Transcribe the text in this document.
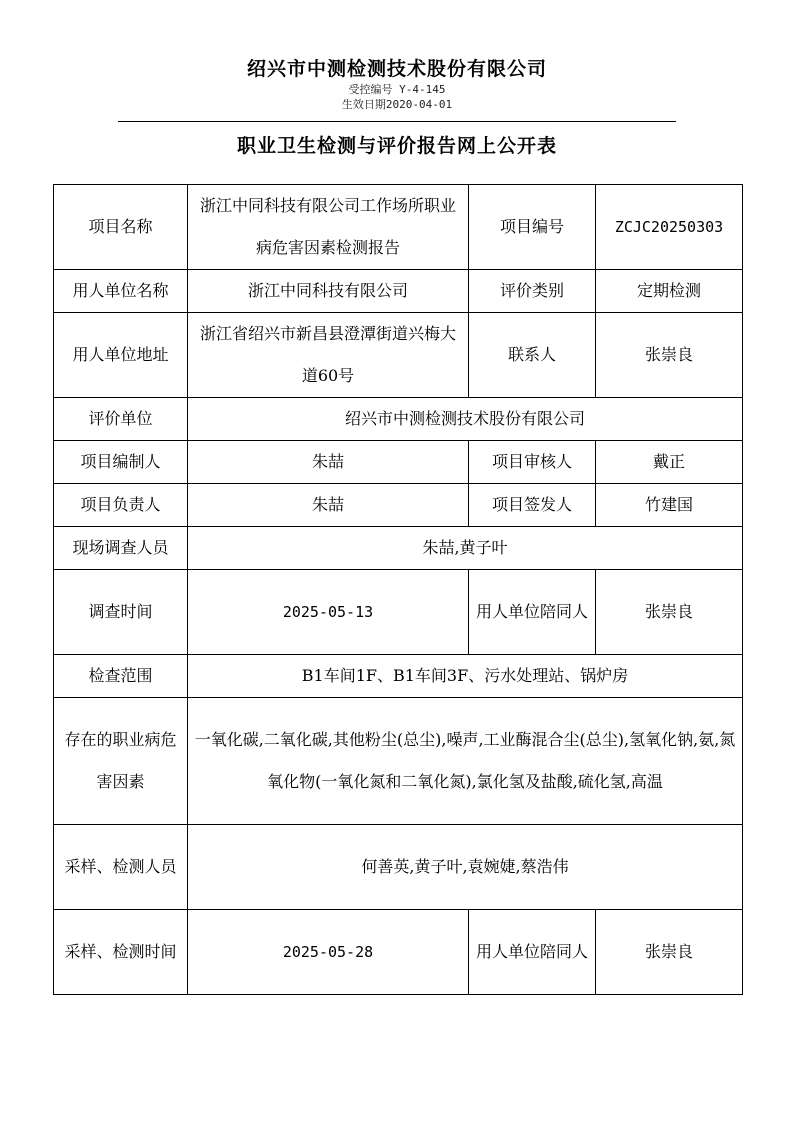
绍兴市中测检测技术股份有限公司
受控编号 Y-4-145
生效日期2020-04-01
职业卫生检测与评价报告网上公开表
项目名称	浙江中同科技有限公司工作场所职业病危害因素检测报告	项目编号	ZCJC20250303
用人单位名称	浙江中同科技有限公司	评价类别	定期检测
用人单位地址	浙江省绍兴市新昌县澄潭街道兴梅大道60号	联系人	张崇良
评价单位	绍兴市中测检测技术股份有限公司		
项目编制人	朱喆	项目审核人	戴正
项目负责人	朱喆	项目签发人	竹建国
现场调查人员	朱喆,黄子叶		
调查时间	2025-05-13	用人单位陪同人	张崇良
检查范围	B1车间1F、B1车间3F、污水处理站、锅炉房		
存在的职业病危害因素	一氧化碳,二氧化碳,其他粉尘(总尘),噪声,工业酶混合尘(总尘),氢氧化钠,氨,氮氧化物(一氧化氮和二氧化氮),氯化氢及盐酸,硫化氢,高温		
采样、检测人员	何善英,黄子叶,袁婉婕,蔡浩伟		
采样、检测时间	2025-05-28	用人单位陪同人	张崇良
